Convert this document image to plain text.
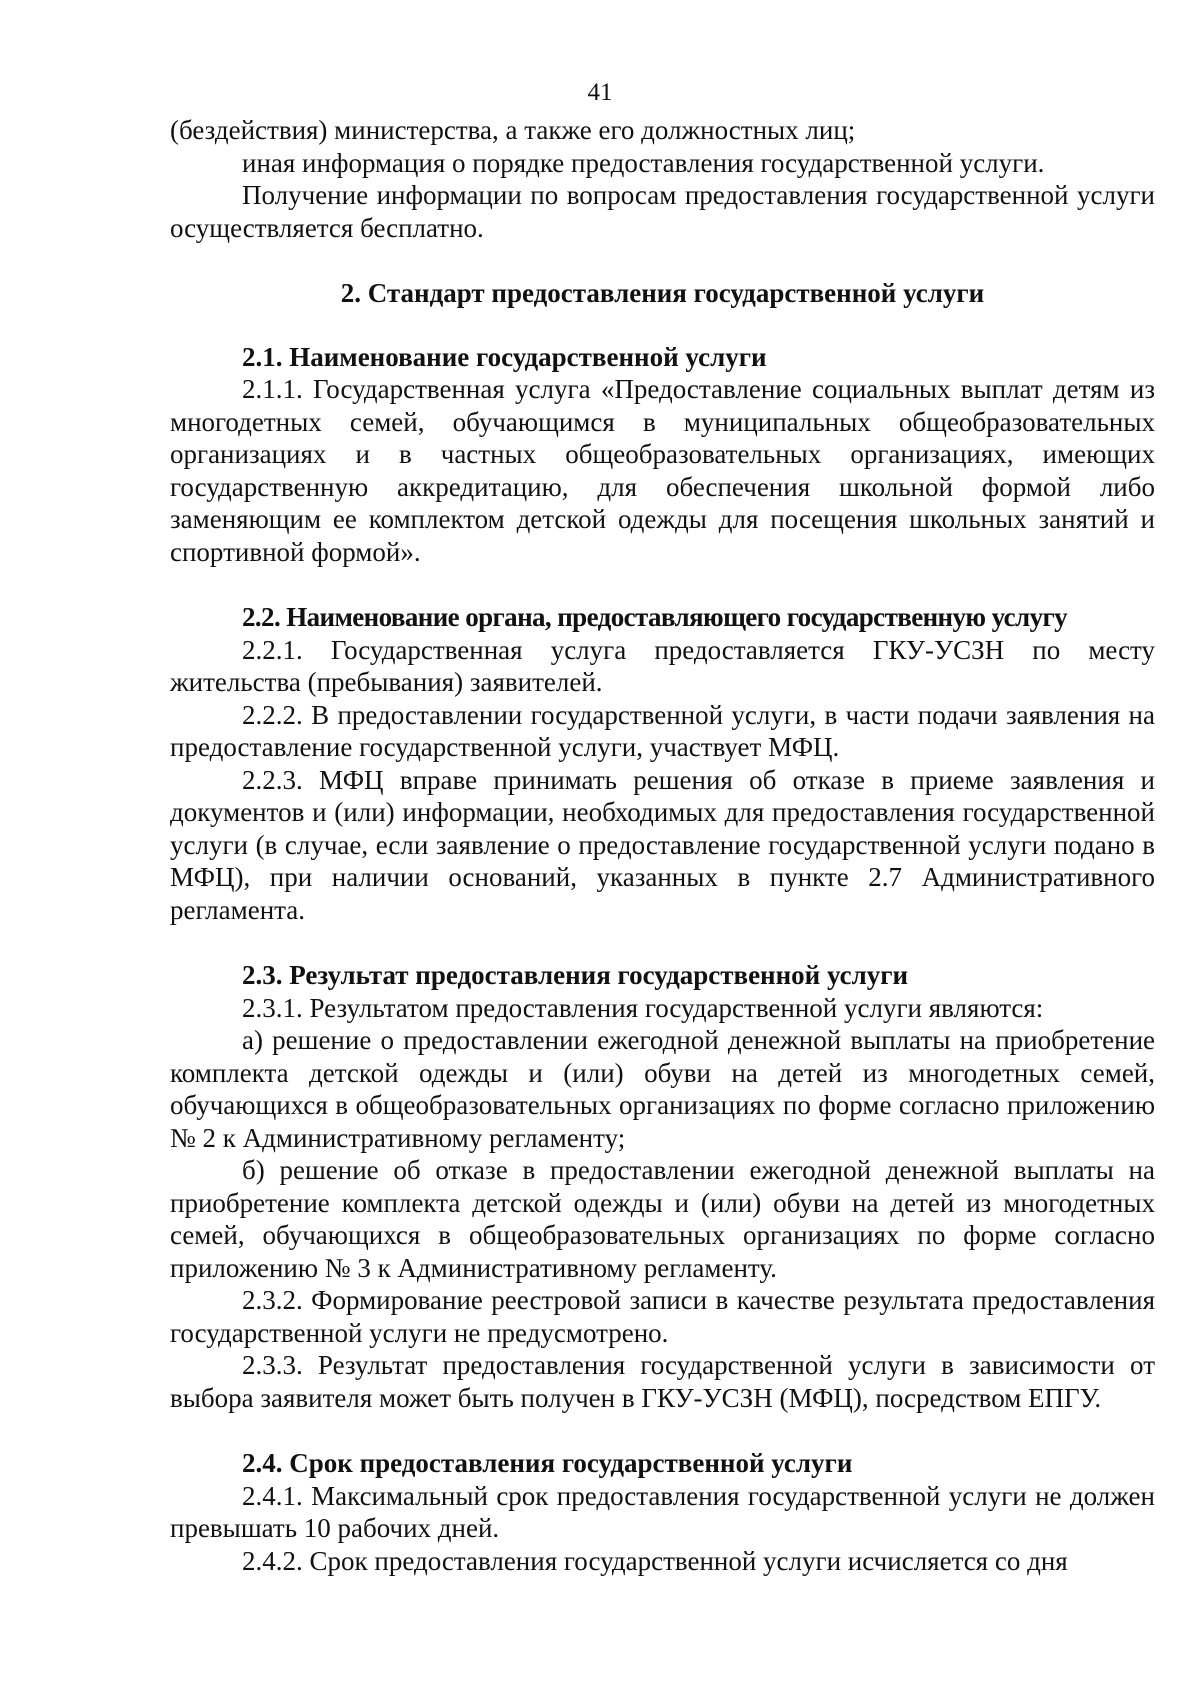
41

(бездействия) министерства, а также его должностных лиц;

иная информация о порядке предоставления государственной услуги.

Получение информации по вопросам предоставления государственной услуги осуществляется бесплатно.

2. Стандарт предоставления государственной услуги

2.1. Наименование государственной услуги

2.1.1. Государственная услуга «Предоставление социальных выплат детям из многодетных семей, обучающимся в муниципальных общеобразовательных организациях и в частных общеобразовательных организациях, имеющих государственную аккредитацию, для обеспечения школьной формой либо заменяющим ее комплектом детской одежды для посещения школьных занятий и спортивной формой».

2.2. Наименование органа, предоставляющего государственную услугу

2.2.1. Государственная услуга предоставляется ГКУ-УСЗН по месту жительства (пребывания) заявителей.

2.2.2. В предоставлении государственной услуги, в части подачи заявления на предоставление государственной услуги, участвует МФЦ.

2.2.3. МФЦ вправе принимать решения об отказе в приеме заявления и документов и (или) информации, необходимых для предоставления государственной услуги (в случае, если заявление о предоставление государственной услуги подано в МФЦ), при наличии оснований, указанных в пункте 2.7 Административного регламента.

2.3. Результат предоставления государственной услуги

2.3.1. Результатом предоставления государственной услуги являются:

а) решение о предоставлении ежегодной денежной выплаты на приобретение комплекта детской одежды и (или) обуви на детей из многодетных семей, обучающихся в общеобразовательных организациях по форме согласно приложению № 2 к Административному регламенту;

б) решение об отказе в предоставлении ежегодной денежной выплаты на приобретение комплекта детской одежды и (или) обуви на детей из многодетных семей, обучающихся в общеобразовательных организациях по форме согласно приложению № 3 к Административному регламенту.

2.3.2. Формирование реестровой записи в качестве результата предоставления государственной услуги не предусмотрено.

2.3.3. Результат предоставления государственной услуги в зависимости от выбора заявителя может быть получен в ГКУ-УСЗН (МФЦ), посредством ЕПГУ.

2.4. Срок предоставления государственной услуги

2.4.1. Максимальный срок предоставления государственной услуги не должен превышать 10 рабочих дней.

2.4.2. Срок предоставления государственной услуги исчисляется со дня
